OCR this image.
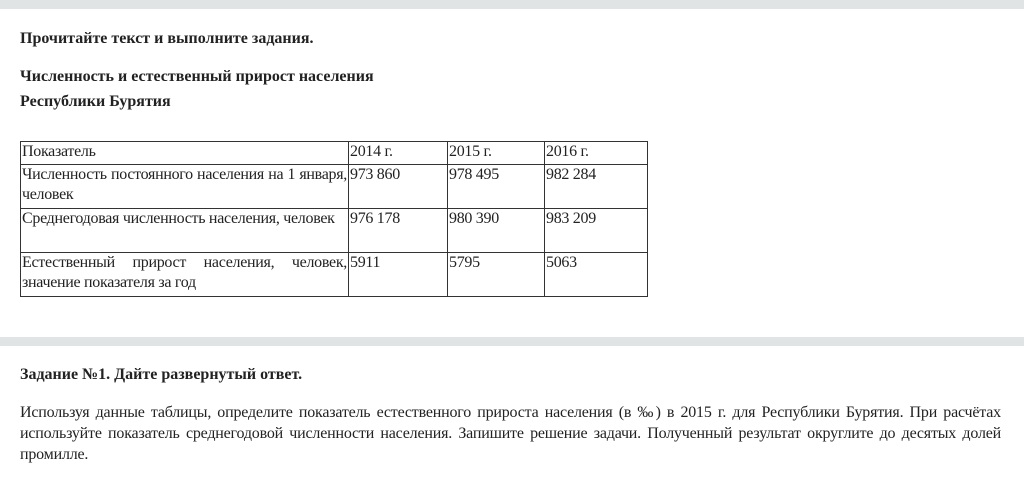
Прочитайте текст и выполните задания.
Численность и естественный прирост населения
Республики Бурятия
Показатель	2014 г.	2015 г.	2016 г.
Численность постоянного населения на 1 января, человек	973 860	978 495	982 284
Среднегодовая численность населения, человек	976 178	980 390	983 209
Естественный прирост населения, человек, значение показателя за год	5911	5795	5063
Задание №1. Дайте развернутый ответ.
Используя данные таблицы, определите показатель естественного прироста населения (в ‰) в 2015 г. для Республики Бурятия. При расчётах используйте показатель среднегодовой численности населения. Запишите решение задачи. Полученный результат округлите до десятых долей промилле.
